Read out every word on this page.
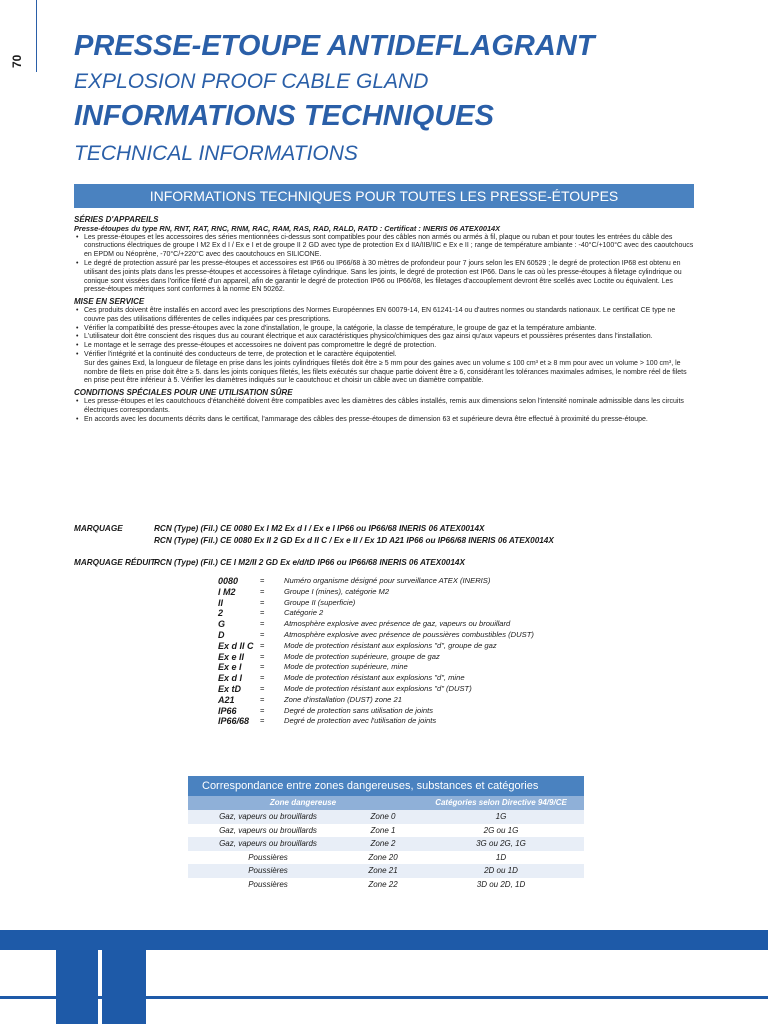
70 PRESSE-ETOUPE ANTIDEFLAGRANT
EXPLOSION PROOF CABLE GLAND
INFORMATIONS TECHNIQUES
TECHNICAL INFORMATIONS
INFORMATIONS TECHNIQUES POUR TOUTES LES PRESSE-ÉTOUPES
SÉRIES D'APPAREILS
Presse-étoupes du type RN, RNT, RAT, RNC, RNM, RAC, RAM, RAS, RAD, RALD, RATD : Certificat : INERIS 06 ATEX0014X
• Les presse-étoupes et les accessoires des séries mentionnées ci-dessus sont compatibles pour des câbles non armés ou armés à fil, plaque ou ruban et pour toutes les entrées du câble des constructions électriques de groupe I M2 Ex d I / Ex e I et de groupe II 2 GD avec type de protection Ex d IIA/IIB/IIC e Ex e II ; range de température ambiante : -40°C/+100°C avec des caoutchoucs en EPDM ou Néoprène, -70°C/+220°C avec des caoutchoucs en SILICONE.
• Le degré de protection assuré par les presse-étoupes et accessoires est IP66 ou IP66/68 à 30 mètres de profondeur pour 7 jours selon les EN 60529 ; le degré de protection IP68 est obtenu en utilisant des joints plats dans les presse-étoupes et accessoires à filetage cylindrique. Sans les joints, le degré de protection est IP66. Dans le cas où les presse-étoupes à filetage cylindrique ou conique sont vissées dans l'orifice fileté d'un appareil, afin de garantir le degré de protection IP66 ou IP66/68, les filetages d'accouplement devront être scellés avec Loctite ou équivalent. Les presse-étoupes métriques sont conformes à la norme EN 50262.
MISE EN SERVICE
• Ces produits doivent être installés en accord avec les prescriptions des Normes Européennes EN 60079-14, EN 61241-14 ou d'autres normes ou standards nationaux. Le certificat CE type ne couvre pas des utilisations différentes de celles indiquées par ces prescriptions.
• Vérifier la compatibilité des presse-étoupes avec la zone d'installation, le groupe, la catégorie, la classe de température, le groupe de gaz et la température ambiante.
• L'utilisateur doit être conscient des risques dus au courant électrique et aux caractéristiques physico/chimiques des gaz ainsi qu'aux vapeurs et poussières présentes dans l'installation.
• Le montage et le serrage des presse-étoupes et accessoires ne doivent pas compromettre le degré de protection.
• Vérifier l'intégrité et la continuité des conducteurs de terre, de protection et le caractère équipotentiel.
Sur des gaines Exd, la longueur de filetage en prise dans les joints cylindriques filetés doit être ≥ 5 mm pour des gaines avec un volume ≤ 100 cm³ et ≥ 8 mm pour avec un volume > 100 cm³, le nombre de filets en prise doit être ≥ 5. dans les joints coniques filetés, les filets exécutés sur chaque partie doivent être ≥ 6, considérant les tolérances maximales admises, le nombre réel de filets en prise peut être inférieur à 5. Vérifier les diamètres indiqués sur le caoutchouc et choisir un câble avec un diamètre compatible.
CONDITIONS SPÉCIALES POUR UNE UTILISATION SÛRE
• Les presse-étoupes et les caoutchoucs d'étanchéité doivent être compatibles avec les diamètres des câbles installés, remis aux dimensions selon l'intensité nominale admissible dans les circuits électriques correspondants.
• En accords avec les documents décrits dans le certificat, l'ammarage des câbles des presse-étoupes de dimension 63 et supérieure devra être effectué à proximité du presse-étoupe.
MARQUAGE	RCN (Type) (Fil.) CE 0080 Ex I M2 Ex d I / Ex e I IP66 ou IP66/68 INERIS 06 ATEX0014X
RCN (Type) (Fil.) CE 0080 Ex II 2 GD Ex d II C / Ex e II / Ex 1D A21 IP66 ou IP66/68 INERIS 06 ATEX0014X
MARQUAGE RÉDUIT
RCN (Type) (Fil.) CE I M2/II 2 GD Ex e/d/tD IP66 ou IP66/68 INERIS 06 ATEX0014X
0080	=	Numéro organisme désigné pour surveillance ATEX (INERIS)
I M2	=	Groupe I (mines), catégorie M2
II	=	Groupe II (superficie)
2	=	Catégorie 2
G	=	Atmosphère explosive avec présence de gaz, vapeurs ou brouillard
D	=	Atmosphère explosive avec présence de poussières combustibles (DUST)
Ex d II C =	Mode de protection résistant aux explosions "d", groupe de gaz
Ex e II	=	Mode de protection supérieure, groupe de gaz
Ex e I	=	Mode de protection supérieure, mine
Ex d I	=	Mode de protection résistant aux explosions "d", mine
Ex tD	=	Mode de protection résistant aux explosions "d" (DUST)
A21	=	Zone d'installation (DUST) zone 21
IP66	=	Degré de protection sans utilisation de joints
IP66/68	=	Degré de protection avec l'utilisation de joints
Correspondance entre zones dangereuses, substances et catégories
Zone dangereuse	Catégories selon Directive 94/9/CE
Gaz, vapeurs ou brouillards	Zone 0	1G
Gaz, vapeurs ou brouillards	Zone 1	2G ou 1G
Gaz, vapeurs ou brouillards	Zone 2	3G ou 2G, 1G
Poussières	Zone 20	1D
Poussières	Zone 21	2D ou 1D
Poussières	Zone 22	3D ou 2D, 1D
